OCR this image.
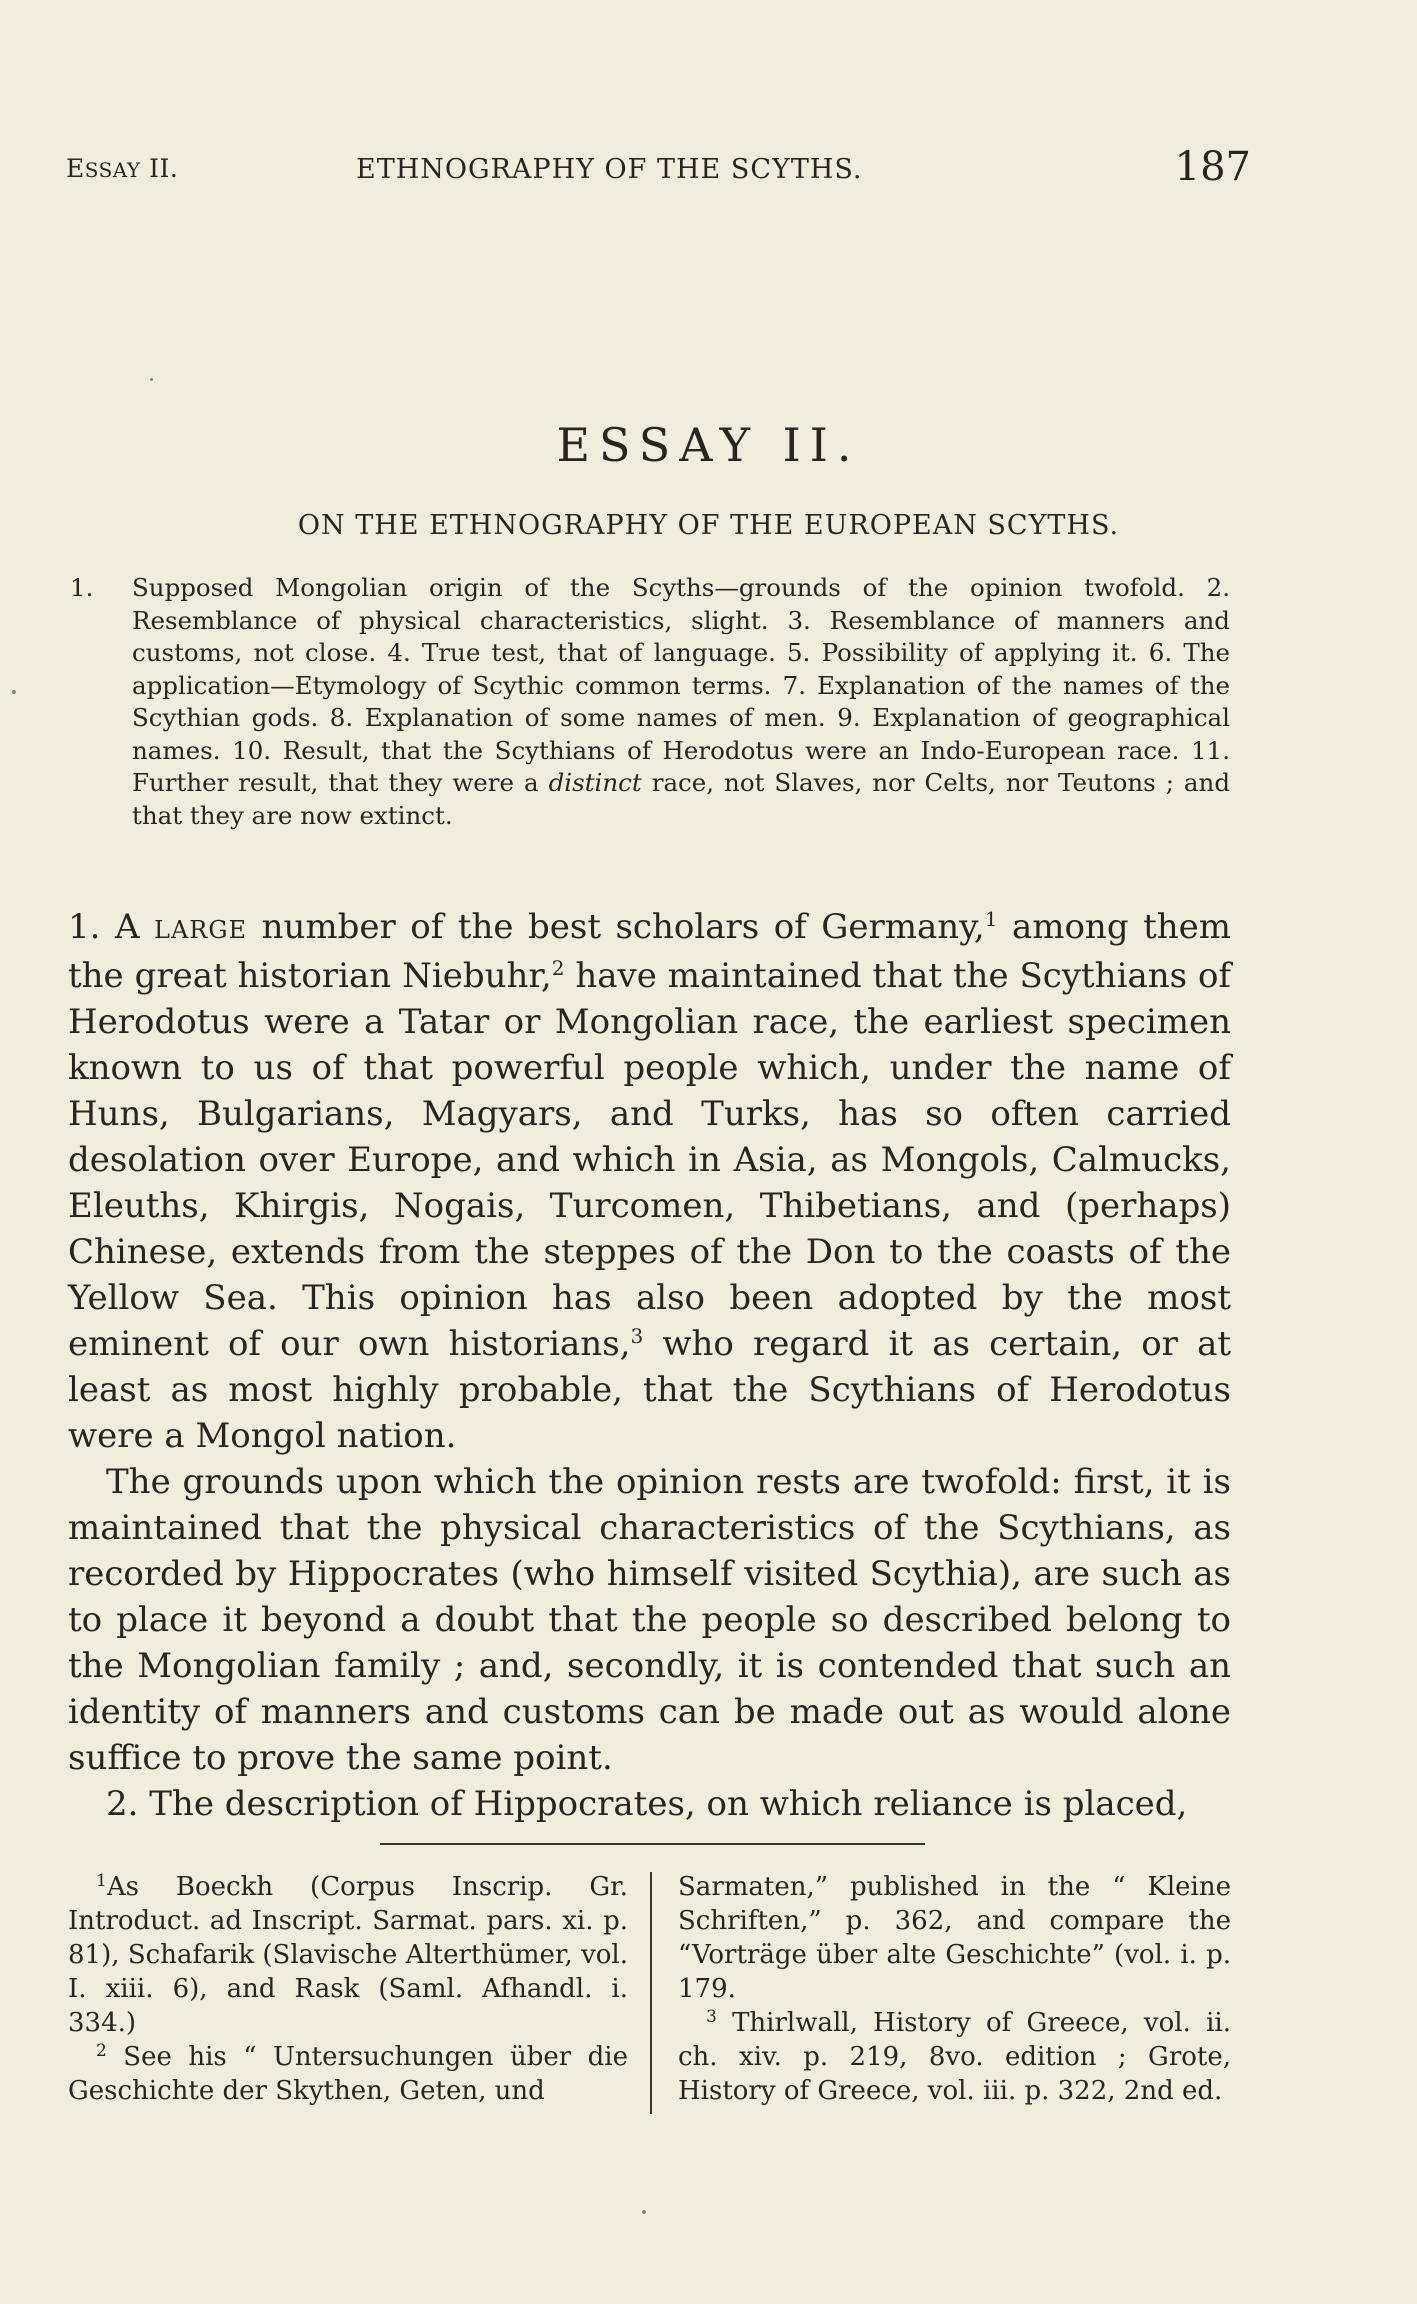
ESSAY II.	ETHNOGRAPHY OF THE SCYTHS.	187
ESSAY II.
ON THE ETHNOGRAPHY OF THE EUROPEAN SCYTHS.

1. Supposed Mongolian origin of the Scyths—grounds of the opinion twofold. 2. Resemblance of physical characteristics, slight. 3. Resemblance of manners and customs, not close. 4. True test, that of language. 5. Possibility of applying it. 6. The application—Etymology of Scythic common terms. 7. Explanation of the names of the Scythian gods. 8. Explanation of some names of men. 9. Explanation of geographical names. 10. Result, that the Scythians of Herodotus were an Indo-European race. 11. Further result, that they were a distinct race, not Slaves, nor Celts, nor Teutons ; and that they are now extinct.

1. A LARGE number of the best scholars of Germany,$^1$ among them the great historian Niebuhr,$^2$ have maintained that the Scythians of Herodotus were a Tatar or Mongolian race, the earliest specimen known to us of that powerful people which, under the name of Huns, Bulgarians, Magyars, and Turks, has so often carried desolation over Europe, and which in Asia, as Mongols, Calmucks, Eleuths, Khirgis, Nogais, Turcomen, Thibetians, and (perhaps) Chinese, extends from the steppes of the Don to the coasts of the Yellow Sea. This opinion has also been adopted by the most eminent of our own historians,$^3$ who regard it as certain, or at least as most highly probable, that the Scythians of Herodotus were a Mongol nation.

The grounds upon which the opinion rests are twofold: first, it is maintained that the physical characteristics of the Scythians, as recorded by Hippocrates (who himself visited Scythia), are such as to place it beyond a doubt that the people so described belong to the Mongolian family ; and, secondly, it is contended that such an identity of manners and customs can be made out as would alone suffice to prove the same point.

2. The description of Hippocrates, on which reliance is placed,

$^1$As Boeckh (Corpus Inscrip. Gr. Introduct. ad Inscript. Sarmat. pars. xi. p. 81), Schafarik (Slavische Alterthümer, vol. I. xiii. 6), and Rask (Saml. Afhandl. i. 334.)

$^2$ See his “ Untersuchungen über die Geschichte der Skythen, Geten, und

Sarmaten,” published in the “ Kleine Schriften,” p. 362, and compare the “Vorträge über alte Geschichte” (vol. i. p. 179.

$^3$ Thirlwall, History of Greece, vol. ii. ch. xiv. p. 219, 8vo. edition ; Grote, History of Greece, vol. iii. p. 322, 2nd ed.
